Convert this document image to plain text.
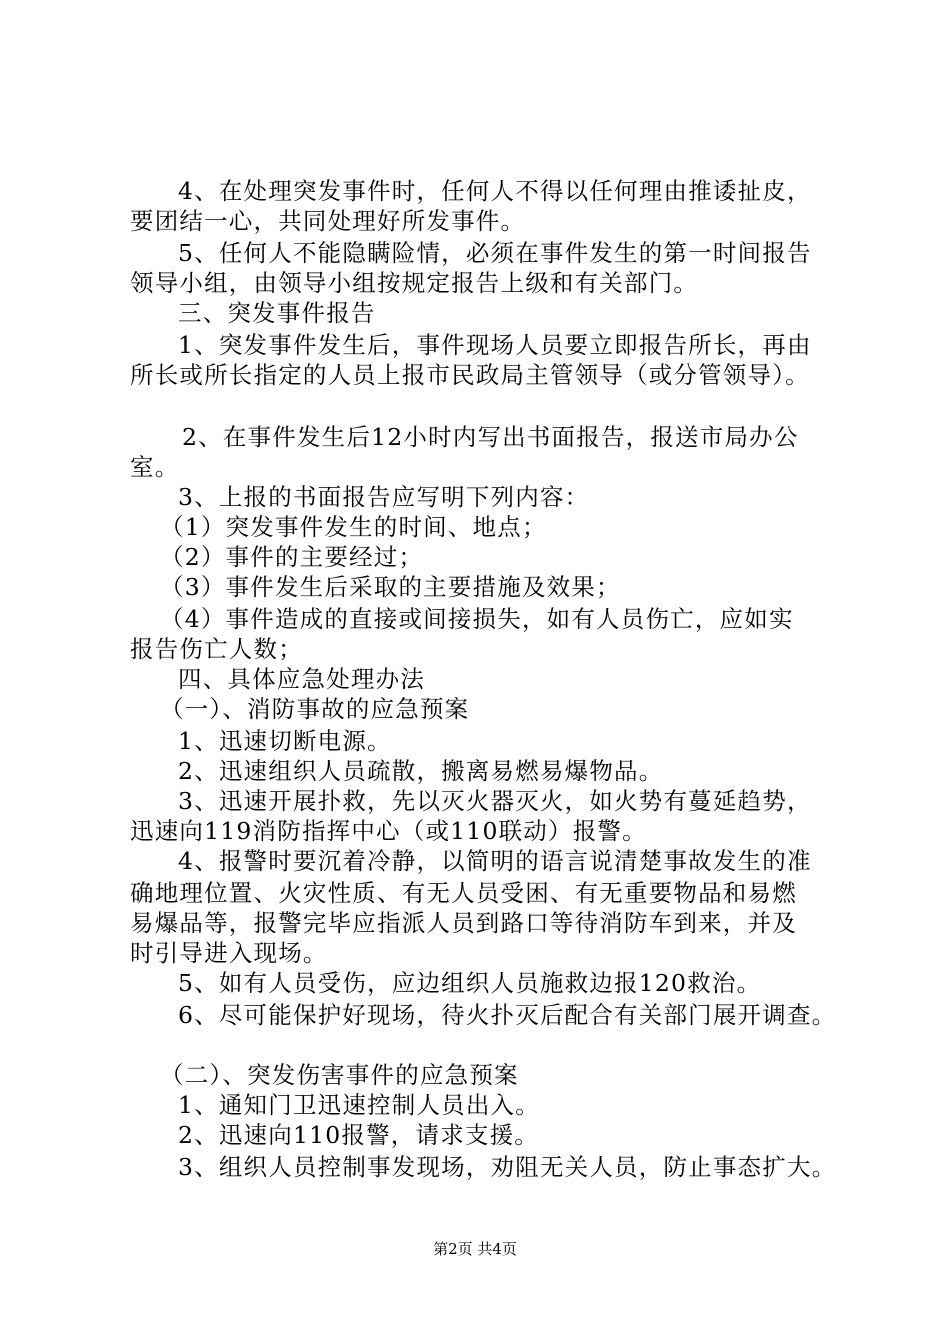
4、在处理突发事件时，任何人不得以任何理由推诿扯皮，
要团结一心，共同处理好所发事件。
5、任何人不能隐瞒险情，必须在事件发生的第一时间报告
领导小组，由领导小组按规定报告上级和有关部门。
三、突发事件报告
1、突发事件发生后，事件现场人员要立即报告所长，再由
所长或所长指定的人员上报市民政局主管领导（或分管领导）。
2、在事件发生后12小时内写出书面报告，报送市局办公
室。
3、上报的书面报告应写明下列内容：
（1）突发事件发生的时间、地点；
（2）事件的主要经过；
（3）事件发生后采取的主要措施及效果；
（4）事件造成的直接或间接损失，如有人员伤亡，应如实
报告伤亡人数；
四、具体应急处理办法
（一）、消防事故的应急预案
1、迅速切断电源。
2、迅速组织人员疏散，搬离易燃易爆物品。
3、迅速开展扑救，先以灭火器灭火，如火势有蔓延趋势，
迅速向119消防指挥中心（或110联动）报警。
4、报警时要沉着冷静，以简明的语言说清楚事故发生的准
确地理位置、火灾性质、有无人员受困、有无重要物品和易燃
易爆品等，报警完毕应指派人员到路口等待消防车到来，并及
时引导进入现场。
5、如有人员受伤，应边组织人员施救边报120救治。
6、尽可能保护好现场，待火扑灭后配合有关部门展开调查。
（二）、突发伤害事件的应急预案
1、通知门卫迅速控制人员出入。
2、迅速向110报警，请求支援。
3、组织人员控制事发现场，劝阻无关人员，防止事态扩大。
第2页 共4页
